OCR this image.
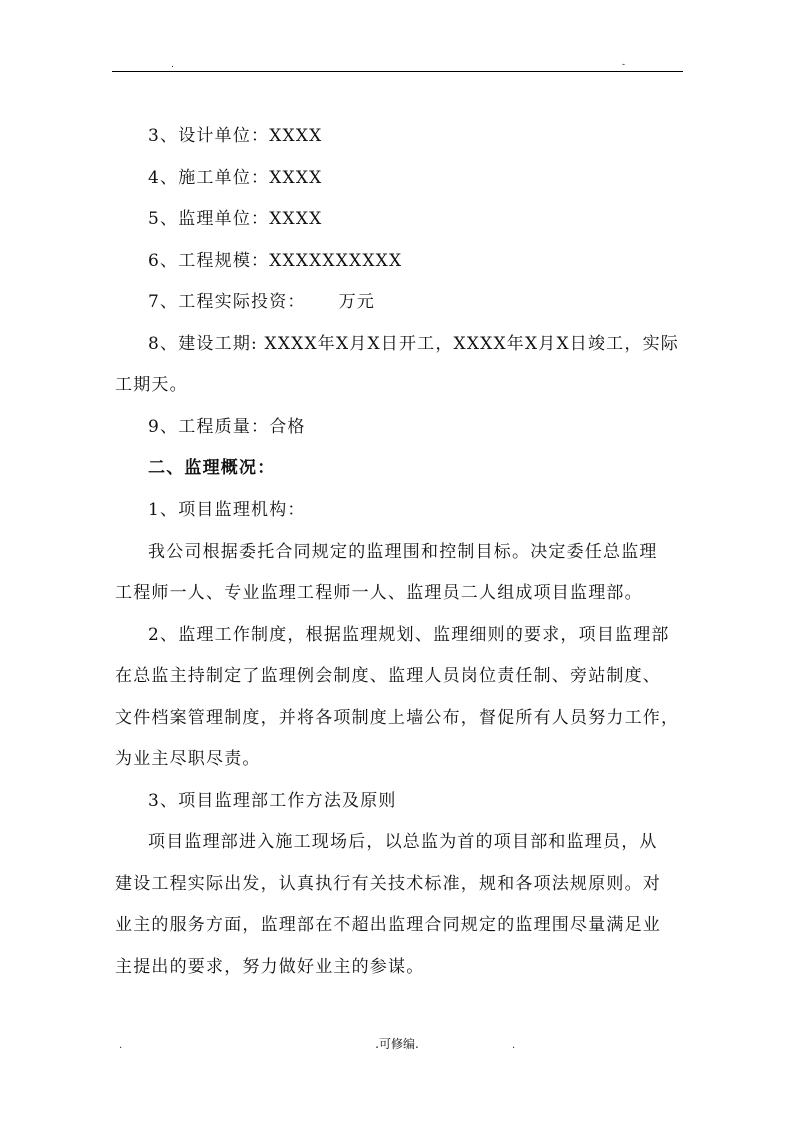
.	-
3、设计单位：XXXX
4、施工单位：XXXX
5、监理单位：XXXX
6、工程规模：XXXXXXXXXX
7、工程实际投资：     万元
8、建设工期: XXXX年X月X日开工，XXXX年X月X日竣工，实际
工期天。
9、工程质量：合格
二、监理概况：
1、项目监理机构：
我公司根据委托合同规定的监理围和控制目标。决定委任总监理
工程师一人、专业监理工程师一人、监理员二人组成项目监理部。
2、监理工作制度，根据监理规划、监理细则的要求，项目监理部
在总监主持制定了监理例会制度、监理人员岗位责任制、旁站制度、
文件档案管理制度，并将各项制度上墙公布，督促所有人员努力工作，
为业主尽职尽责。
3、项目监理部工作方法及原则
项目监理部进入施工现场后，以总监为首的项目部和监理员，从
建设工程实际出发，认真执行有关技术标准，规和各项法规原则。对
业主的服务方面，监理部在不超出监理合同规定的监理围尽量满足业
主提出的要求，努力做好业主的参谋。
.	.可修编.	.
